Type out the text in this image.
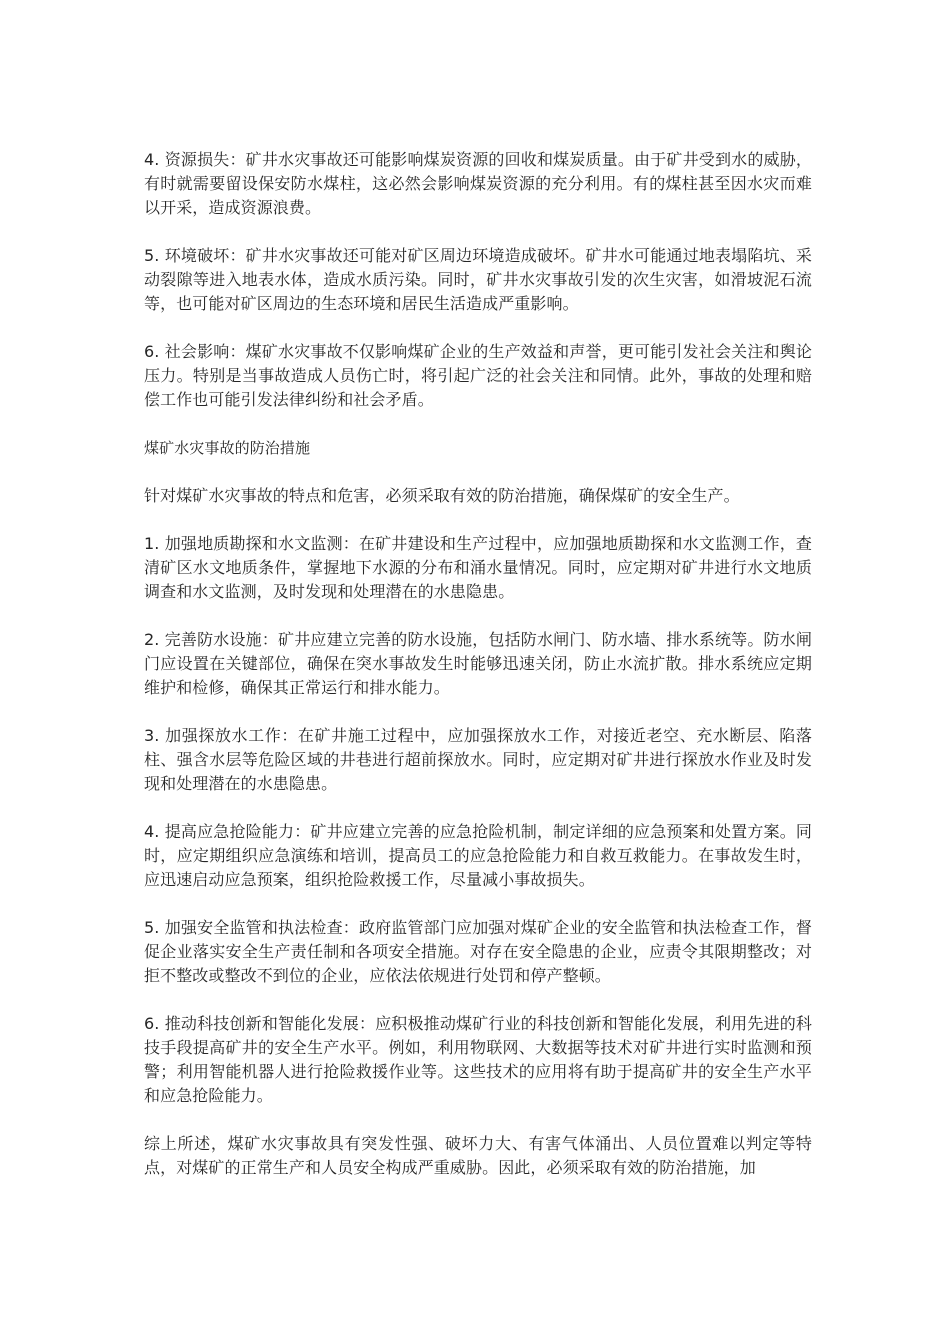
4. 资源损失：矿井水灾事故还可能影响煤炭资源的回收和煤炭质量。由于矿井受到水的威胁，有时就需要留设保安防水煤柱，这必然会影响煤炭资源的充分利用。有的煤柱甚至因水灾而难以开采，造成资源浪费。

5. 环境破坏：矿井水灾事故还可能对矿区周边环境造成破坏。矿井水可能通过地表塌陷坑、采动裂隙等进入地表水体，造成水质污染。同时，矿井水灾事故引发的次生灾害，如滑坡泥石流等，也可能对矿区周边的生态环境和居民生活造成严重影响。

6. 社会影响：煤矿水灾事故不仅影响煤矿企业的生产效益和声誉，更可能引发社会关注和舆论压力。特别是当事故造成人员伤亡时，将引起广泛的社会关注和同情。此外，事故的处理和赔偿工作也可能引发法律纠纷和社会矛盾。

煤矿水灾事故的防治措施

针对煤矿水灾事故的特点和危害，必须采取有效的防治措施，确保煤矿的安全生产。

1. 加强地质勘探和水文监测：在矿井建设和生产过程中，应加强地质勘探和水文监测工作，查清矿区水文地质条件，掌握地下水源的分布和涌水量情况。同时，应定期对矿井进行水文地质调查和水文监测，及时发现和处理潜在的水患隐患。

2. 完善防水设施：矿井应建立完善的防水设施，包括防水闸门、防水墙、排水系统等。防水闸门应设置在关键部位，确保在突水事故发生时能够迅速关闭，防止水流扩散。排水系统应定期维护和检修，确保其正常运行和排水能力。

3. 加强探放水工作：在矿井施工过程中，应加强探放水工作，对接近老空、充水断层、陷落柱、强含水层等危险区域的井巷进行超前探放水。同时，应定期对矿井进行探放水作业及时发现和处理潜在的水患隐患。

4. 提高应急抢险能力：矿井应建立完善的应急抢险机制，制定详细的应急预案和处置方案。同时，应定期组织应急演练和培训，提高员工的应急抢险能力和自救互救能力。在事故发生时，应迅速启动应急预案，组织抢险救援工作，尽量减小事故损失。

5. 加强安全监管和执法检查：政府监管部门应加强对煤矿企业的安全监管和执法检查工作，督促企业落实安全生产责任制和各项安全措施。对存在安全隐患的企业，应责令其限期整改；对拒不整改或整改不到位的企业，应依法依规进行处罚和停产整顿。

6. 推动科技创新和智能化发展：应积极推动煤矿行业的科技创新和智能化发展，利用先进的科技手段提高矿井的安全生产水平。例如，利用物联网、大数据等技术对矿井进行实时监测和预警；利用智能机器人进行抢险救援作业等。这些技术的应用将有助于提高矿井的安全生产水平和应急抢险能力。

综上所述，煤矿水灾事故具有突发性强、破坏力大、有害气体涌出、人员位置难以判定等特点，对煤矿的正常生产和人员安全构成严重威胁。因此，必须采取有效的防治措施，加
